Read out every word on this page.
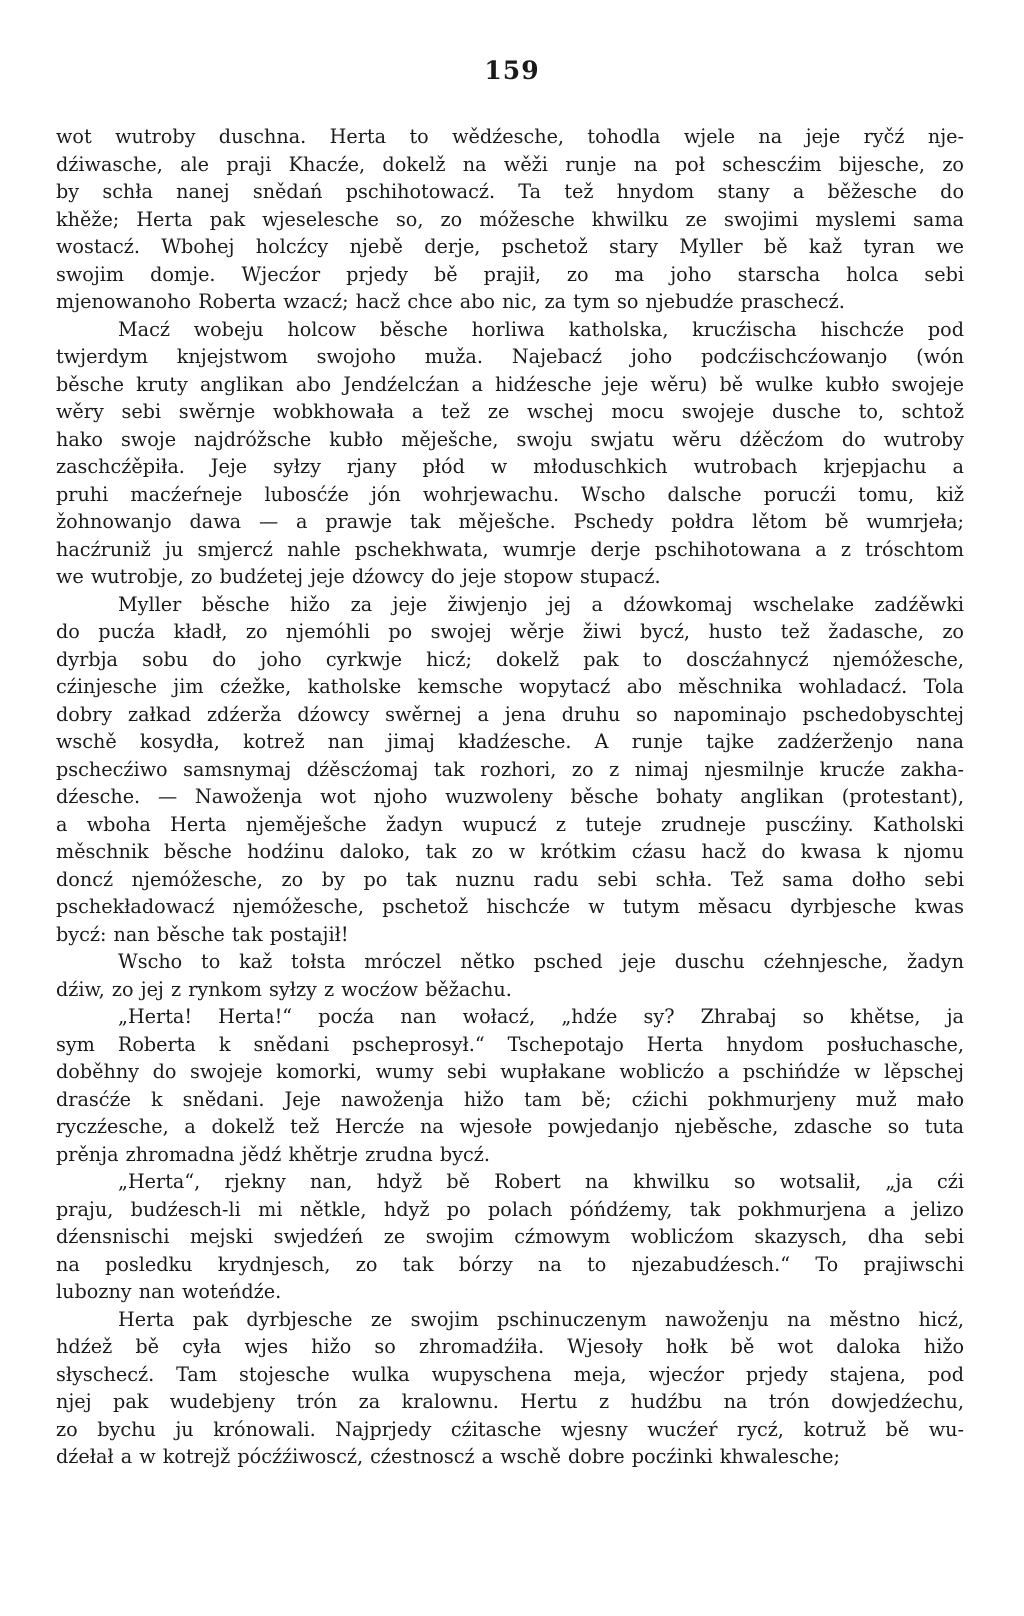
159
wot wutroby duschna. Herta to wědźesche, tohodla wjele na jeje ryčź nje-
dźiwasche, ale praji Khacźe, dokelž na wěži runje na poł schescźim bijesche, zo
by schła nanej snědań pschihotowacź. Ta tež hnydom stany a běžesche do
khěže; Herta pak wjeselesche so, zo móžesche khwilku ze swojimi myslemi sama
wostacź. Wbohej holcźcy njebě derje, pschetož stary Myller bě kaž tyran we
swojim domje. Wjecźor prjedy bě prajił, zo ma joho starscha holca sebi
mjenowanoho Roberta wzacź; hacž chce abo nic, za tym so njebudźe praschecź.
Macź wobeju holcow běsche horliwa katholska, krucźischa hischcźe pod
twjerdym knjejstwom swojoho muža. Najebacź joho podcźischcźowanjo (wón
běsche kruty anglikan abo Jendźelcźan a hidźesche jeje wěru) bě wulke kubło swojeje
wěry sebi swěrnje wobkhowała a tež ze wschej mocu swojeje dusche to, schtož
hako swoje najdróžsche kubło měješche, swoju swjatu wěru dźěcźom do wutroby
zaschcźěpiła. Jeje syłzy rjany płód w młoduschkich wutrobach krjepjachu a
pruhi macźeŕneje lubosćźe jón wohrjewachu. Wscho dalsche porucźi tomu, kiž
žohnowanjo dawa — a prawje tak měješche. Pschedy połdra lětom bě wumrjeła;
hacźruniž ju smjercź nahle pschekhwata, wumrje derje pschihotowana a z tróschtom
we wutrobje, zo budźetej jeje dźowcy do jeje stopow stupacź.
Myller běsche hižo za jeje žiwjenjo jej a dźowkomaj wschelake zadźěwki
do pucźa kładł, zo njemóhli po swojej wěrje žiwi bycź, husto tež žadasche, zo
dyrbja sobu do joho cyrkwje hicź; dokelž pak to doscźahnycź njemóžesche,
cźinjesche jim cźežke, katholske kemsche wopytacź abo měschnika wohladacź. Tola
dobry załkad zdźerža dźowcy swěrnej a jena druhu so napominajo pschedobyschtej
wschě kosydła, kotrež nan jimaj kładźesche. A runje tajke zadźerženjo nana
pschecźiwo samsnymaj dźěscźomaj tak rozhori, zo z nimaj njesmilnje krucźe zakha-
dźesche. — Nawoženja wot njoho wuzwoleny běsche bohaty anglikan (protestant),
a wboha Herta njeměješche žadyn wupucź z tuteje zrudneje puscźiny. Katholski
měschnik běsche hodźinu daloko, tak zo w krótkim cźasu hacž do kwasa k njomu
doncź njemóžesche, zo by po tak nuznu radu sebi schła. Tež sama dołho sebi
pschekładowacź njemóžesche, pschetož hischcźe w tutym měsacu dyrbjesche kwas
bycź: nan běsche tak postajił!
Wscho to kaž tołsta mróczel nětko psched jeje duschu cźehnjesche, žadyn
dźiw, zo jej z rynkom syłzy z wocźow běžachu.
„Herta! Herta!“ pocźa nan wołacź, „hdźe sy? Zhrabaj so khětse, ja
sym Roberta k snědani pscheprosył.“ Tschepotajo Herta hnydom posłuchasche,
doběhny do swojeje komorki, wumy sebi wupłakane woblicźo a pschińdźe w lěpschej
drasćźe k snědani. Jeje nawoženja hižo tam bě; cźichi pokhmurjeny muž mało
ryczźesche, a dokelž tež Hercźe na wjesołe powjedanjo njeběsche, zdasche so tuta
prěnja zhromadna jědź khětrje zrudna bycź.
„Herta“, rjekny nan, hdyž bě Robert na khwilku so wotsalił, „ja cźi
praju, budźesch-li mi nětkle, hdyž po polach póńdźemy, tak pokhmurjena a jelizo
dźensnischi mejski swjedźeń ze swojim cźmowym woblicźom skazysch, dha sebi
na posledku krydnjesch, zo tak bórzy na to njezabudźesch.“ To prajiwschi
lubozny nan woteńdźe.
Herta pak dyrbjesche ze swojim pschinuczenym nawoženju na městno hicź,
hdźež bě cyła wjes hižo so zhromadźiła. Wjesoły hołk bě wot daloka hižo
słyschecź. Tam stojesche wulka wupyschena meja, wjecźor prjedy stajena, pod
njej pak wudebjeny trón za kralownu. Hertu z hudźbu na trón dowjedźechu,
zo bychu ju krónowali. Najprjedy cźitasche wjesny wucźeŕ rycź, kotruž bě wu-
dźełał a w kotrejž pócźźiwoscź, cźestnoscź a wschě dobre pocźinki khwalesche;
